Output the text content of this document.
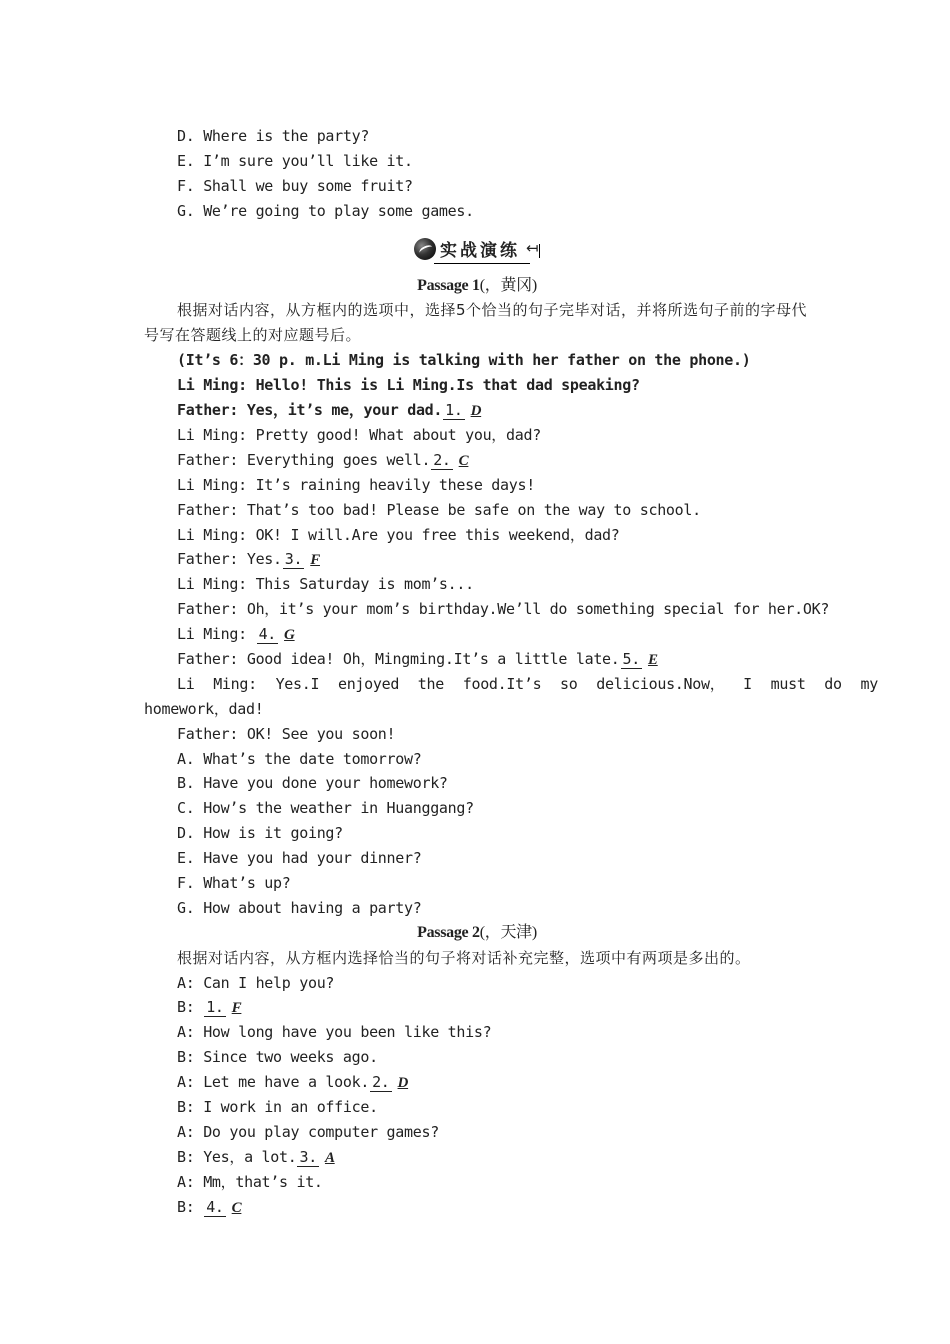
D. Where is the party?
E. I’m sure you’ll like it.
F. Shall we buy some fruit?
G. We’re going to play some games.
实战演练 ↤
Passage 1(，黄冈)
根据对话内容，从方框内的选项中，选择5个恰当的句子完毕对话，并将所选句子前的字母代号写在答题线上的对应题号后。
(It’s 6：30 p. m.Li Ming is talking with her father on the phone.)
Li Ming: Hello! This is Li Ming.Is that dad speaking?
Father: Yes，it’s me，your dad. 1. D
Li Ming: Pretty good! What about you，dad?
Father: Everything goes well. 2. C
Li Ming: It’s raining heavily these days!
Father: That’s too bad! Please be safe on the way to school.
Li Ming: OK! I will.Are you free this weekend，dad?
Father: Yes. 3. F
Li Ming: This Saturday is mom’s...
Father: Oh，it’s your mom’s birthday.We’ll do something special for her.OK?
Li Ming: 4. G
Father: Good idea! Oh，Mingming.It’s a little late. 5. E
Li Ming: Yes.I enjoyed the food.It’s so delicious.Now， I must do my
homework，dad!
Father: OK! See you soon!
A. What’s the date tomorrow?
B. Have you done your homework?
C. How’s the weather in Huanggang?
D. How is it going?
E. Have you had your dinner?
F. What’s up?
G. How about having a party?
Passage 2(，天津)
根据对话内容，从方框内选择恰当的句子将对话补充完整，选项中有两项是多出的。
A: Can I help you?
B: 1. F
A: How long have you been like this?
B: Since two weeks ago.
A: Let me have a look. 2. D
B: I work in an office.
A: Do you play computer games?
B: Yes，a lot. 3. A
A: Mm，that’s it.
B: 4. C
